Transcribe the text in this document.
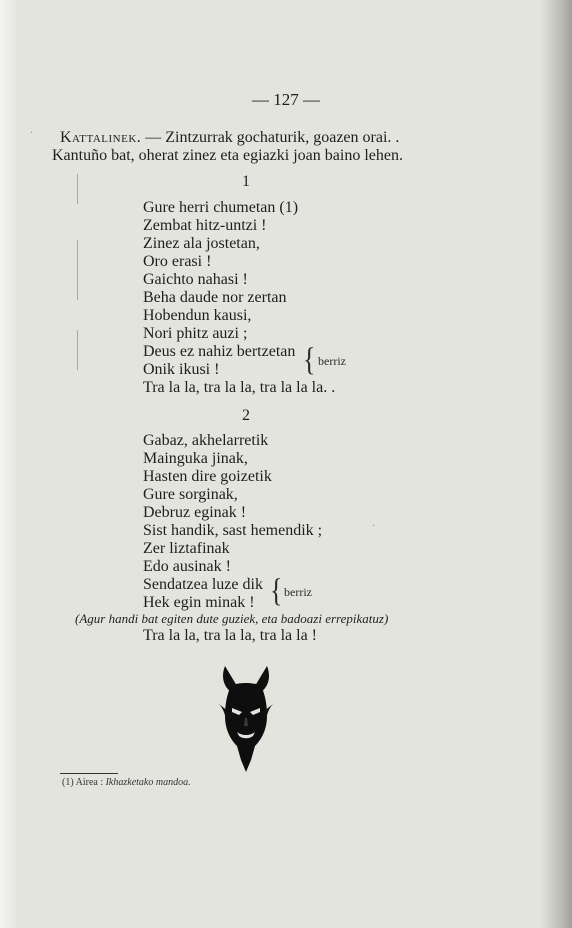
·
·
— 127 —
Kattalinek. — Zintzurrak gochaturik, goazen orai. .
Kantuño bat, oherat zinez eta egiazki joan baino lehen.
1
Gure herri chumetan (1)
Zembat hitz-untzi !
Zinez ala jostetan,
Oro erasi !
Gaichto nahasi !
Beha daude nor zertan
Hobendun kausi,
Nori phitz auzi ;
Deus ez nahiz bertzetan
Onik ikusi !
Tra la la, tra la la, tra la la la. .
{ berriz
2
Gabaz, akhelarretik
Mainguka jinak,
Hasten dire goizetik
Gure sorginak,
Debruz eginak !
Sist handik, sast hemendik ;
Zer liztafinak
Edo ausinak !
Sendatzea luze dik
Hek egin minak ! { berriz
(Agur handi bat egiten dute guziek, eta badoazi errepikatuz)
Tra la la, tra la la, tra la la !
(1) Airea : Ikhazketako mandoa.
